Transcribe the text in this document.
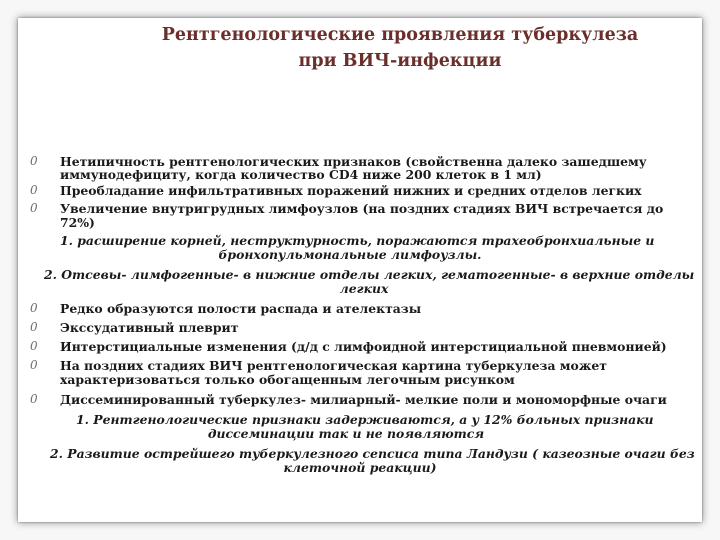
Рентгенологические проявления туберкулеза
при ВИЧ-инфекции
0	Нетипичность рентгенологических признаков (свойственна далеко зашедшему
иммунодефициту, когда количество CD4 ниже 200 клеток в 1 мл)
0	Преобладание инфильтративных поражений нижних и средних отделов легких
0	Увеличение внутригрудных лимфоузлов (на поздних стадиях ВИЧ встречается до
72%)
1. расширение корней, неструктурность, поражаются трахеобронхиальные и
бронхопульмональные лимфоузлы.
2. Отсевы- лимфогенные- в нижние отделы легких, гематогенные- в верхние отделы
легких
0	Редко образуются полости распада и ателектазы
0	Экссудативный плеврит
0	Интерстициальные изменения (д/д с лимфоидной интерстициальной пневмонией)
0	На поздних стадиях ВИЧ рентгенологическая картина туберкулеза может
характеризоваться только обогащенным легочным рисунком
0	Диссеминированный туберкулез- милиарный- мелкие поли и мономорфные очаги
1. Рентгенологические признаки задерживаются, а у 12% больных признаки
диссеминации так и не появляются
2. Развитие острейшего туберкулезного сепсиса типа Ландузи ( казеозные очаги без
клеточной реакции)
